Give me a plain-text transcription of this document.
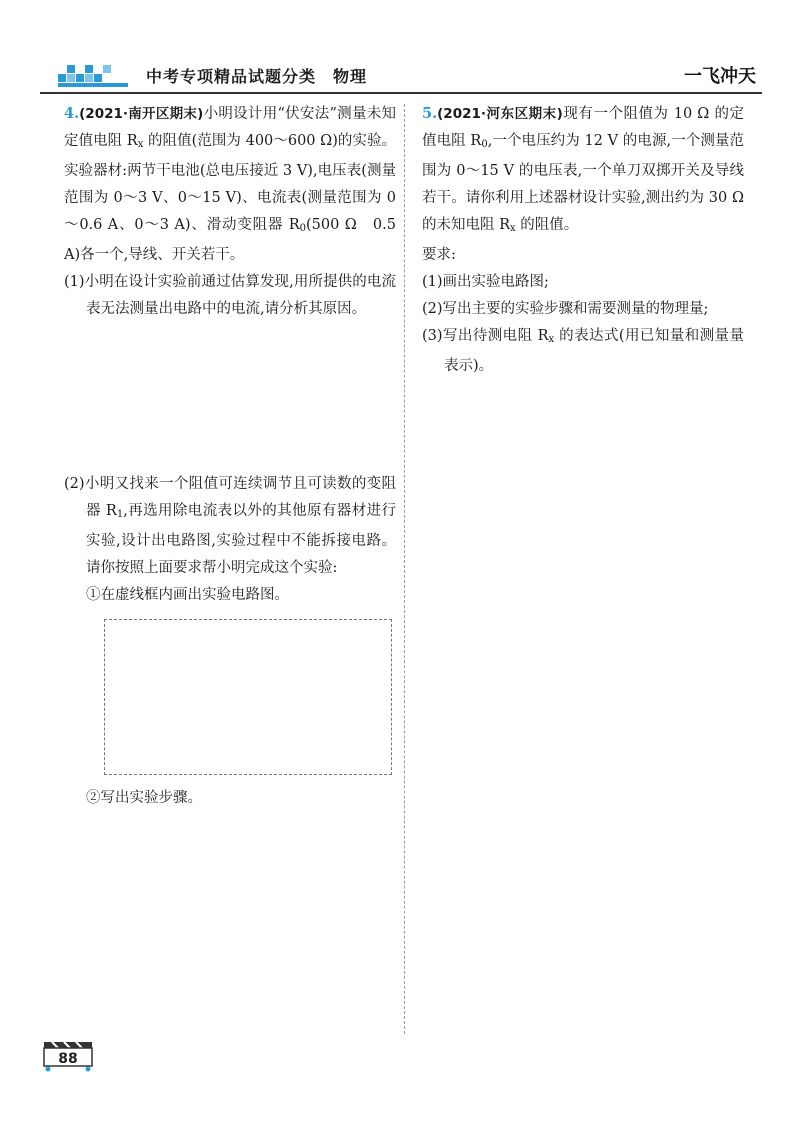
中考专项精品试题分类　物理	一飞冲天

4.(2021·南开区期末)小明设计用“伏安法”测量未知定值电阻 $R_x$ 的阻值(范围为 400～600 Ω)的实验。实验器材:两节干电池(总电压接近 3 V),电压表(测量范围为 0～3 V、0～15 V)、电流表(测量范围为 0～0.6 A、0～3 A)、滑动变阻器 $R_0(500$ Ω　0.5 A)各一个,导线、开关若干。

(1)小明在设计实验前通过估算发现,用所提供的电流表无法测量出电路中的电流,请分析其原因。

(2)小明又找来一个阻值可连续调节且可读数的变阻器 $R_1$,再选用除电流表以外的其他原有器材进行实验,设计出电路图,实验过程中不能拆接电路。请你按照上面要求帮小明完成这个实验:

①在虚线框内画出实验电路图。

②写出实验步骤。

5.(2021·河东区期末)现有一个阻值为 10 Ω 的定值电阻 $R_0$,一个电压约为 12 V 的电源,一个测量范围为 0～15 V 的电压表,一个单刀双掷开关及导线若干。请你利用上述器材设计实验,测出约为 30 Ω 的未知电阻 $R_x$ 的阻值。

要求:

(1)画出实验电路图;

(2)写出主要的实验步骤和需要测量的物理量;

(3)写出待测电阻 $R_x$ 的表达式(用已知量和测量量表示)。

88
